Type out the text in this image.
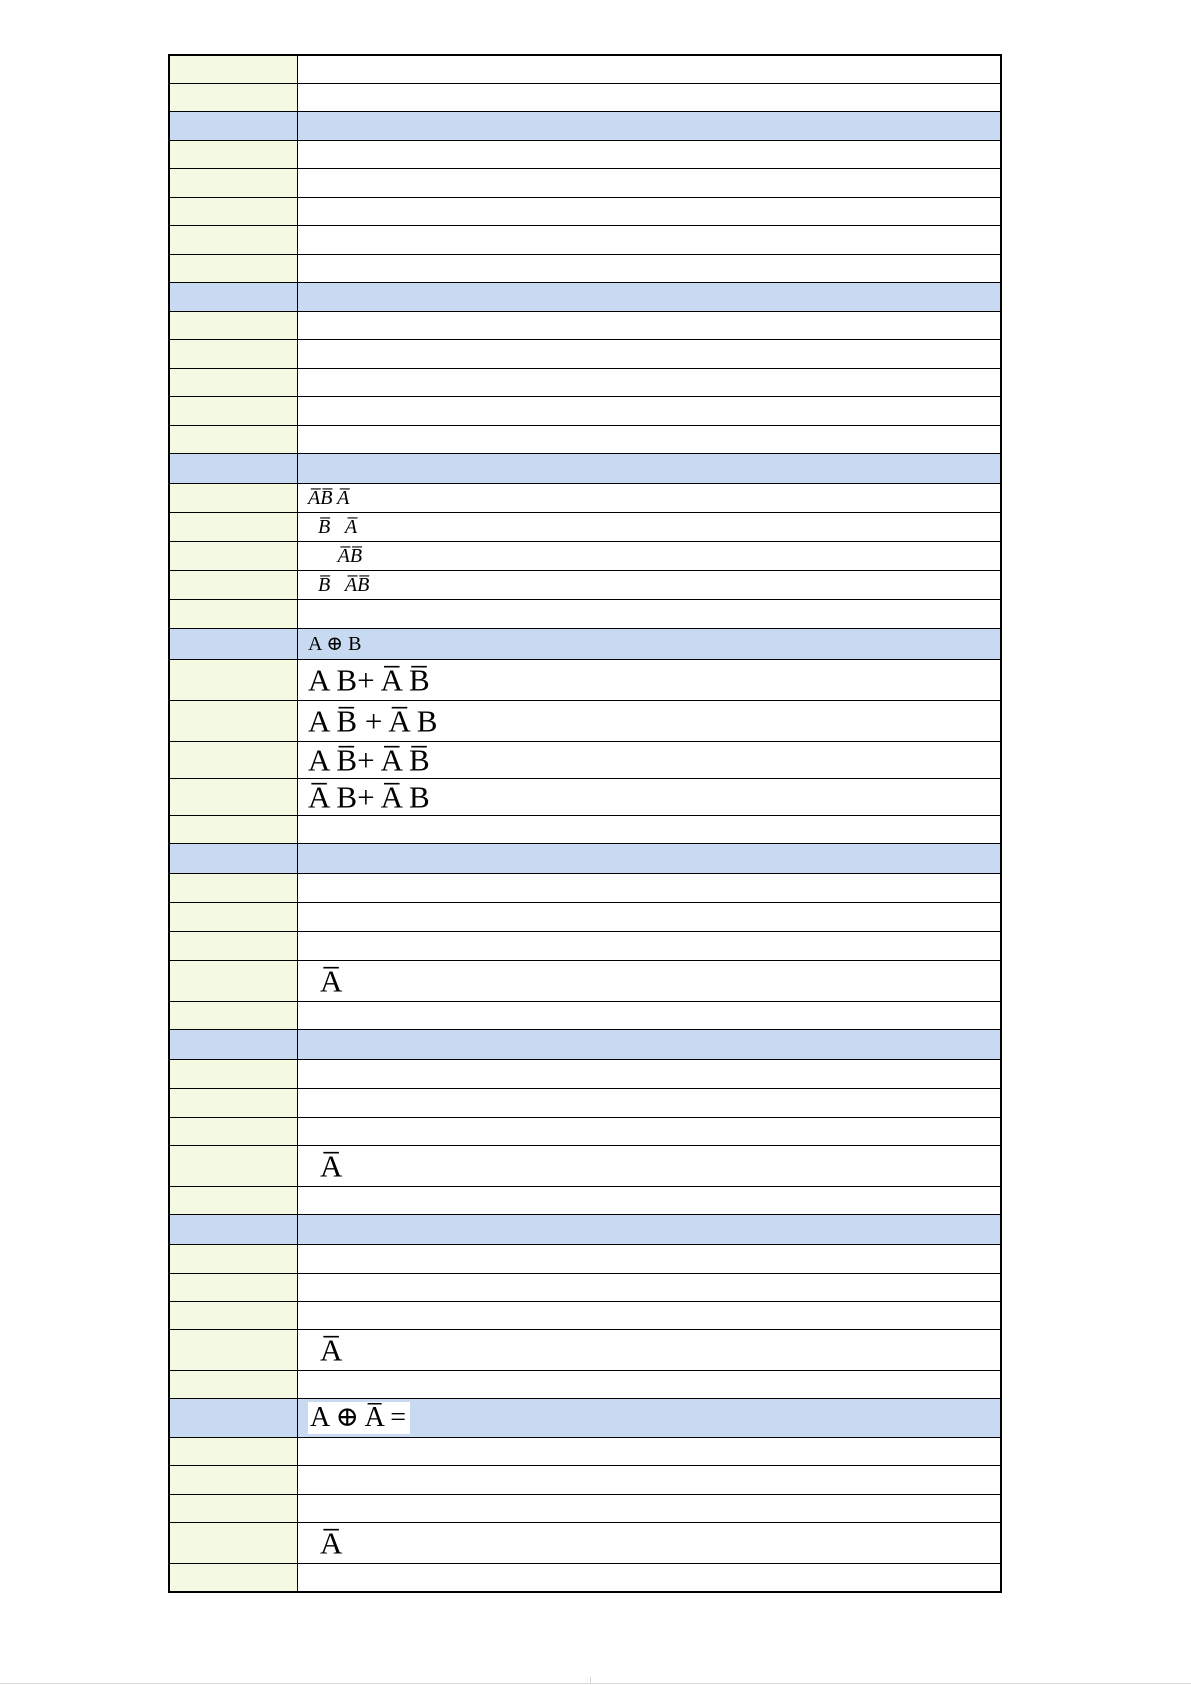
A̅B̅ A̅
B̅   A̅
A̅B̅
B̅   A̅B̅
A ⊕ B
A B+ A̅ B̅
A B̅ + A̅ B
A B̅+ A̅ B̅
A̅ B+ A̅ B
A̅
A̅
A̅
A ⊕ A̅ =
A̅
